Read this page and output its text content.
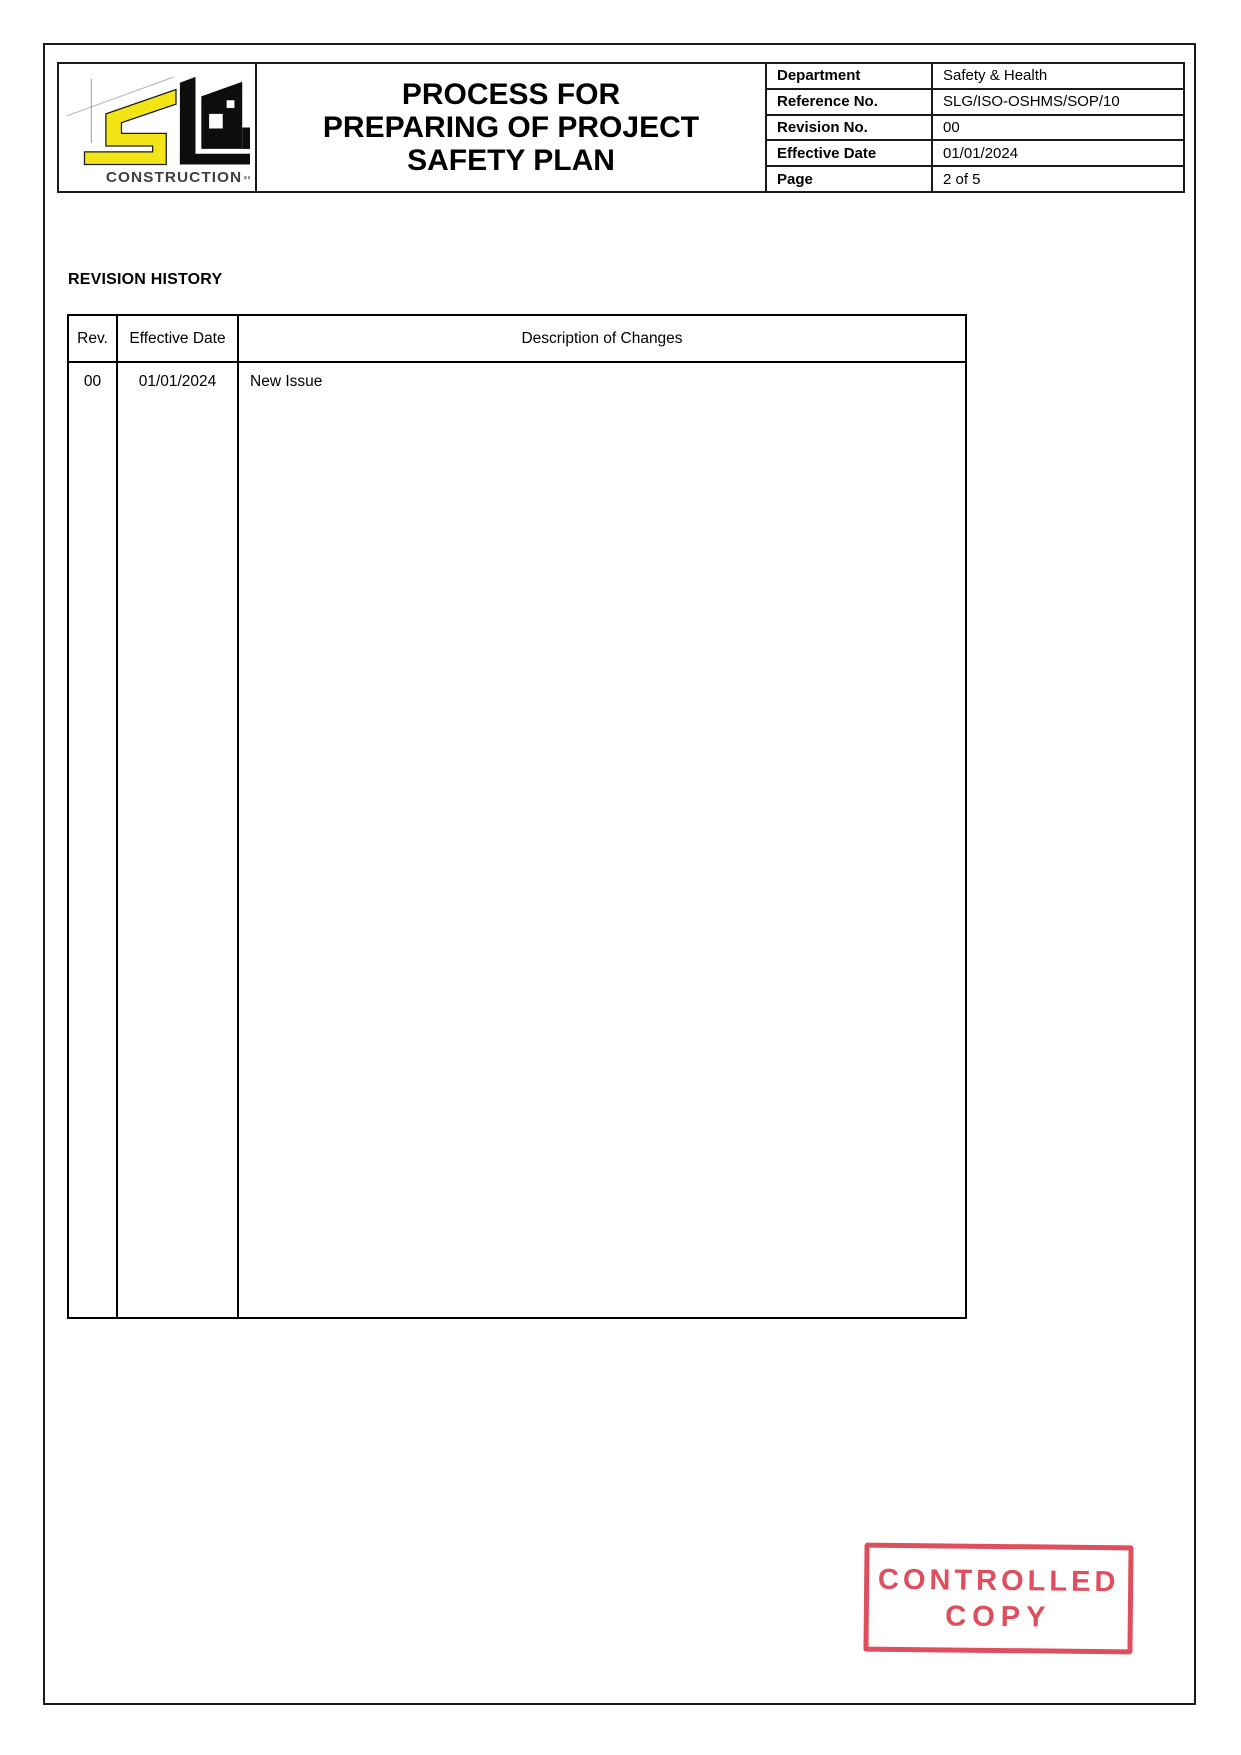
CONSTRUCTION
PROCESS FOR
PREPARING OF PROJECT
SAFETY PLAN
Department	Safety & Health
Reference No.	SLG/ISO-OSHMS/SOP/10
Revision No.	00
Effective Date	01/01/2024
Page	2 of 5
REVISION HISTORY
Rev.	Effective Date	Description of Changes
00	01/01/2024	New Issue
CONTROLLED
COPY
